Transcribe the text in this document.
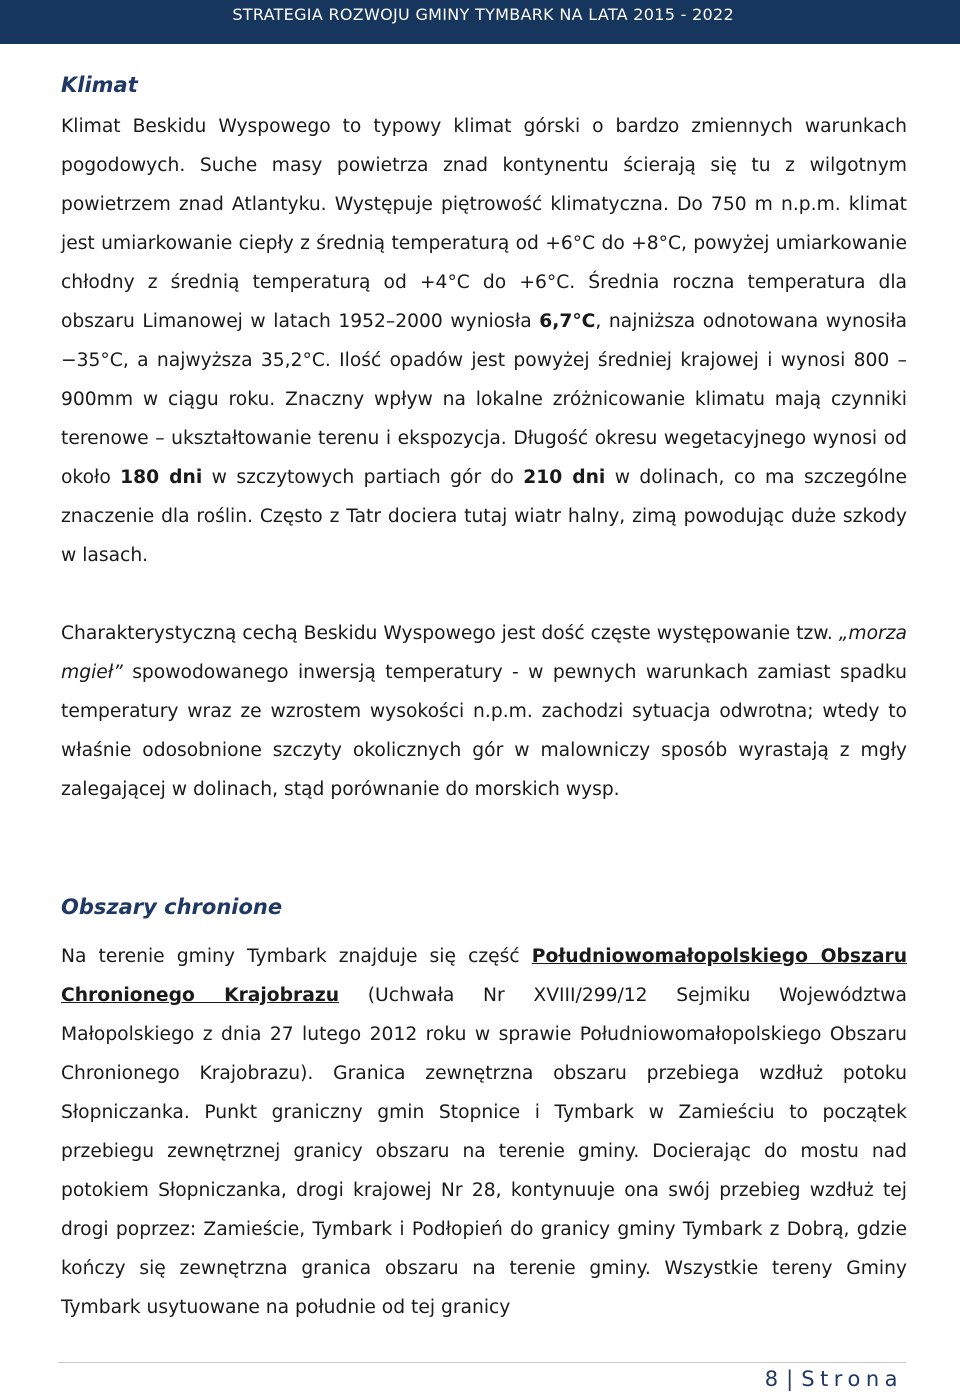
STRATEGIA ROZWOJU GMINY TYMBARK NA LATA 2015 - 2022
Klimat

Klimat Beskidu Wyspowego to typowy klimat górski o bardzo zmiennych warunkach pogodowych. Suche masy powietrza znad kontynentu ścierają się tu z wilgotnym powietrzem znad Atlantyku. Występuje piętrowość klimatyczna. Do 750 m n.p.m. klimat jest umiarkowanie ciepły z średnią temperaturą od +6°C do +8°C, powyżej umiarkowanie chłodny z średnią temperaturą od +4°C do +6°C. Średnia roczna temperatura dla obszaru Limanowej w latach 1952–2000 wyniosła 6,7°C, najniższa odnotowana wynosiła −35°C, a najwyższa 35,2°C. Ilość opadów jest powyżej średniej krajowej i wynosi 800 – 900mm w ciągu roku. Znaczny wpływ na lokalne zróżnicowanie klimatu mają czynniki terenowe – ukształtowanie terenu i ekspozycja. Długość okresu wegetacyjnego wynosi od około 180 dni w szczytowych partiach gór do 210 dni w dolinach, co ma szczególne znaczenie dla roślin. Często z Tatr dociera tutaj wiatr halny, zimą powodując duże szkody w lasach.

Charakterystyczną cechą Beskidu Wyspowego jest dość częste występowanie tzw. „morza mgieł” spowodowanego inwersją temperatury - w pewnych warunkach zamiast spadku temperatury wraz ze wzrostem wysokości n.p.m. zachodzi sytuacja odwrotna; wtedy to właśnie odosobnione szczyty okolicznych gór w malowniczy sposób wyrastają z mgły zalegającej w dolinach, stąd porównanie do morskich wysp.

Obszary chronione

Na terenie gminy Tymbark znajduje się część Południowomałopolskiego Obszaru Chronionego Krajobrazu (Uchwała Nr XVIII/299/12 Sejmiku Województwa Małopolskiego z dnia 27 lutego 2012 roku w sprawie Południowomałopolskiego Obszaru Chronionego Krajobrazu). Granica zewnętrzna obszaru przebiega wzdłuż potoku Słopniczanka. Punkt graniczny gmin Stopnice i Tymbark w Zamieściu to początek przebiegu zewnętrznej granicy obszaru na terenie gminy. Docierając do mostu nad potokiem Słopniczanka, drogi krajowej Nr 28, kontynuuje ona swój przebieg wzdłuż tej drogi poprzez: Zamieście, Tymbark i Podłopień do granicy gminy Tymbark z Dobrą, gdzie kończy się zewnętrzna granica obszaru na terenie gminy. Wszystkie tereny Gminy Tymbark usytuowane na południe od tej granicy

8 | Strona
